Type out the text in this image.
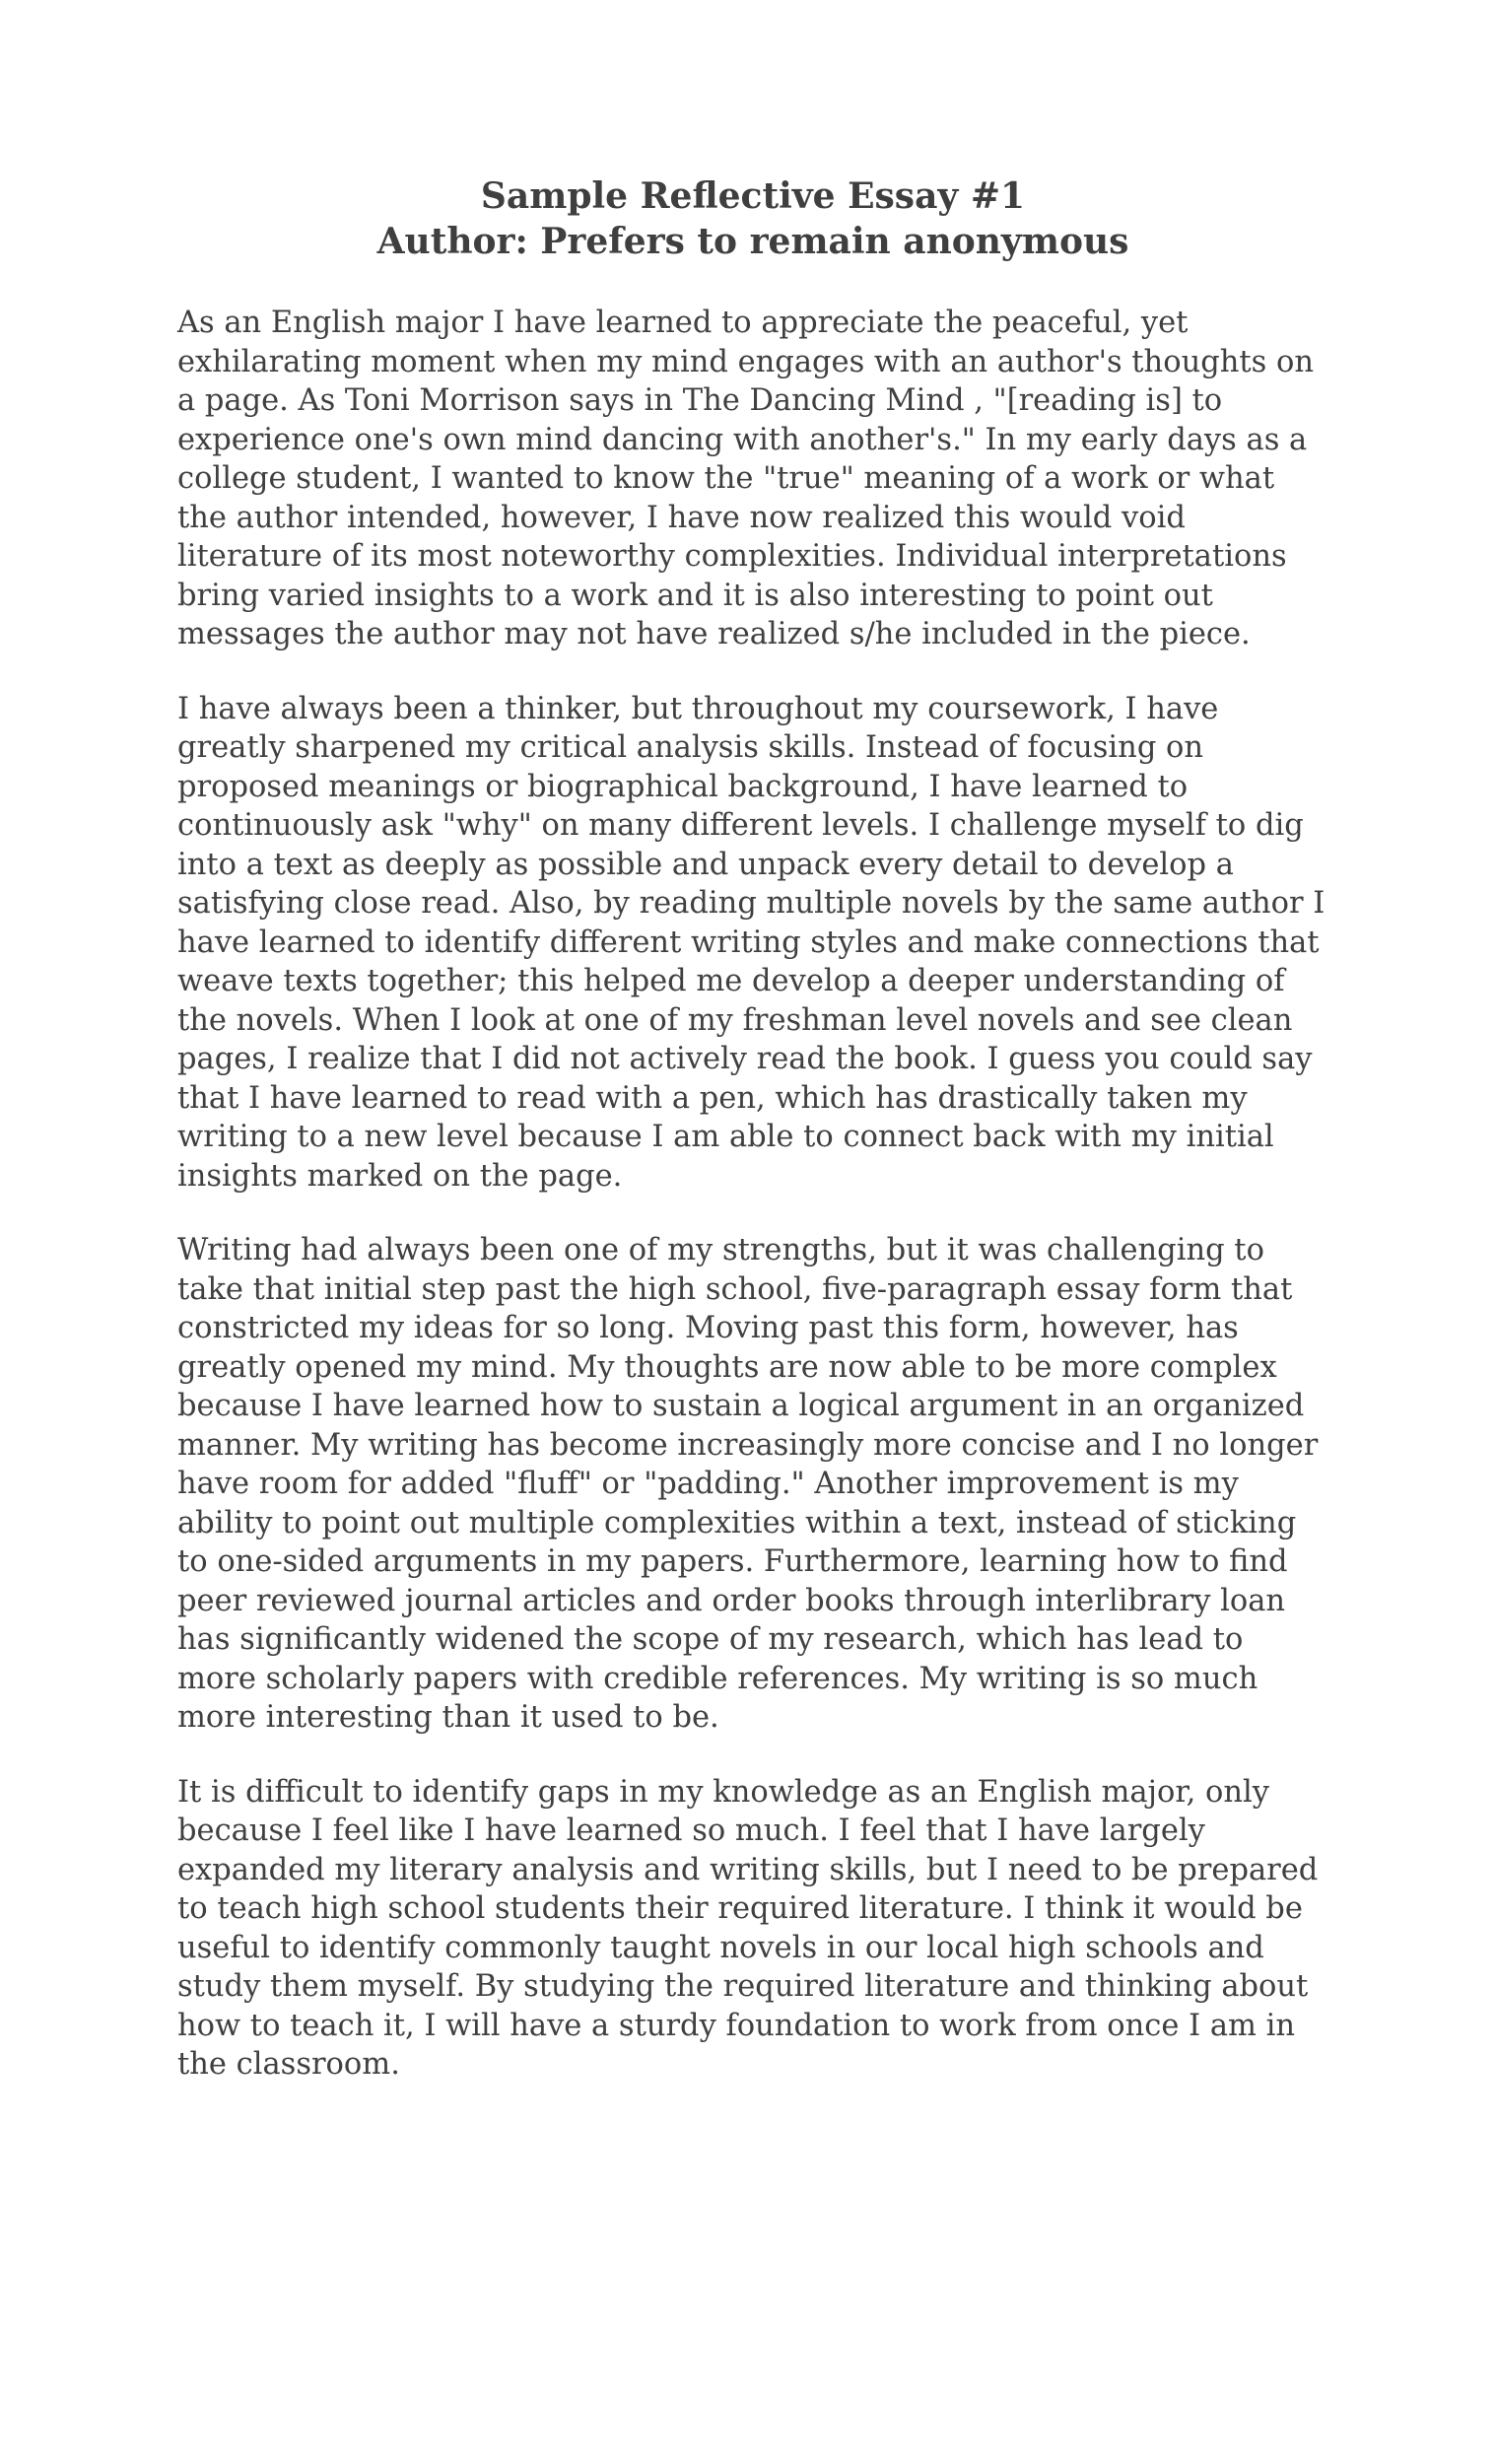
Sample Reflective Essay #1
Author: Prefers to remain anonymous

As an English major I have learned to appreciate the peaceful, yet exhilarating moment when my mind engages with an author's thoughts on a page. As Toni Morrison says in The Dancing Mind , "[reading is] to experience one's own mind dancing with another's." In my early days as a college student, I wanted to know the "true" meaning of a work or what the author intended, however, I have now realized this would void literature of its most noteworthy complexities. Individual interpretations bring varied insights to a work and it is also interesting to point out messages the author may not have realized s/he included in the piece.

I have always been a thinker, but throughout my coursework, I have greatly sharpened my critical analysis skills. Instead of focusing on proposed meanings or biographical background, I have learned to continuously ask "why" on many different levels. I challenge myself to dig into a text as deeply as possible and unpack every detail to develop a satisfying close read. Also, by reading multiple novels by the same author I have learned to identify different writing styles and make connections that weave texts together; this helped me develop a deeper understanding of the novels. When I look at one of my freshman level novels and see clean pages, I realize that I did not actively read the book. I guess you could say that I have learned to read with a pen, which has drastically taken my writing to a new level because I am able to connect back with my initial insights marked on the page.

Writing had always been one of my strengths, but it was challenging to take that initial step past the high school, five-paragraph essay form that constricted my ideas for so long. Moving past this form, however, has greatly opened my mind. My thoughts are now able to be more complex because I have learned how to sustain a logical argument in an organized manner. My writing has become increasingly more concise and I no longer have room for added "fluff" or "padding." Another improvement is my ability to point out multiple complexities within a text, instead of sticking to one-sided arguments in my papers. Furthermore, learning how to find peer reviewed journal articles and order books through interlibrary loan has significantly widened the scope of my research, which has lead to more scholarly papers with credible references. My writing is so much more interesting than it used to be.

It is difficult to identify gaps in my knowledge as an English major, only because I feel like I have learned so much. I feel that I have largely expanded my literary analysis and writing skills, but I need to be prepared to teach high school students their required literature. I think it would be useful to identify commonly taught novels in our local high schools and study them myself. By studying the required literature and thinking about how to teach it, I will have a sturdy foundation to work from once I am in the classroom.
